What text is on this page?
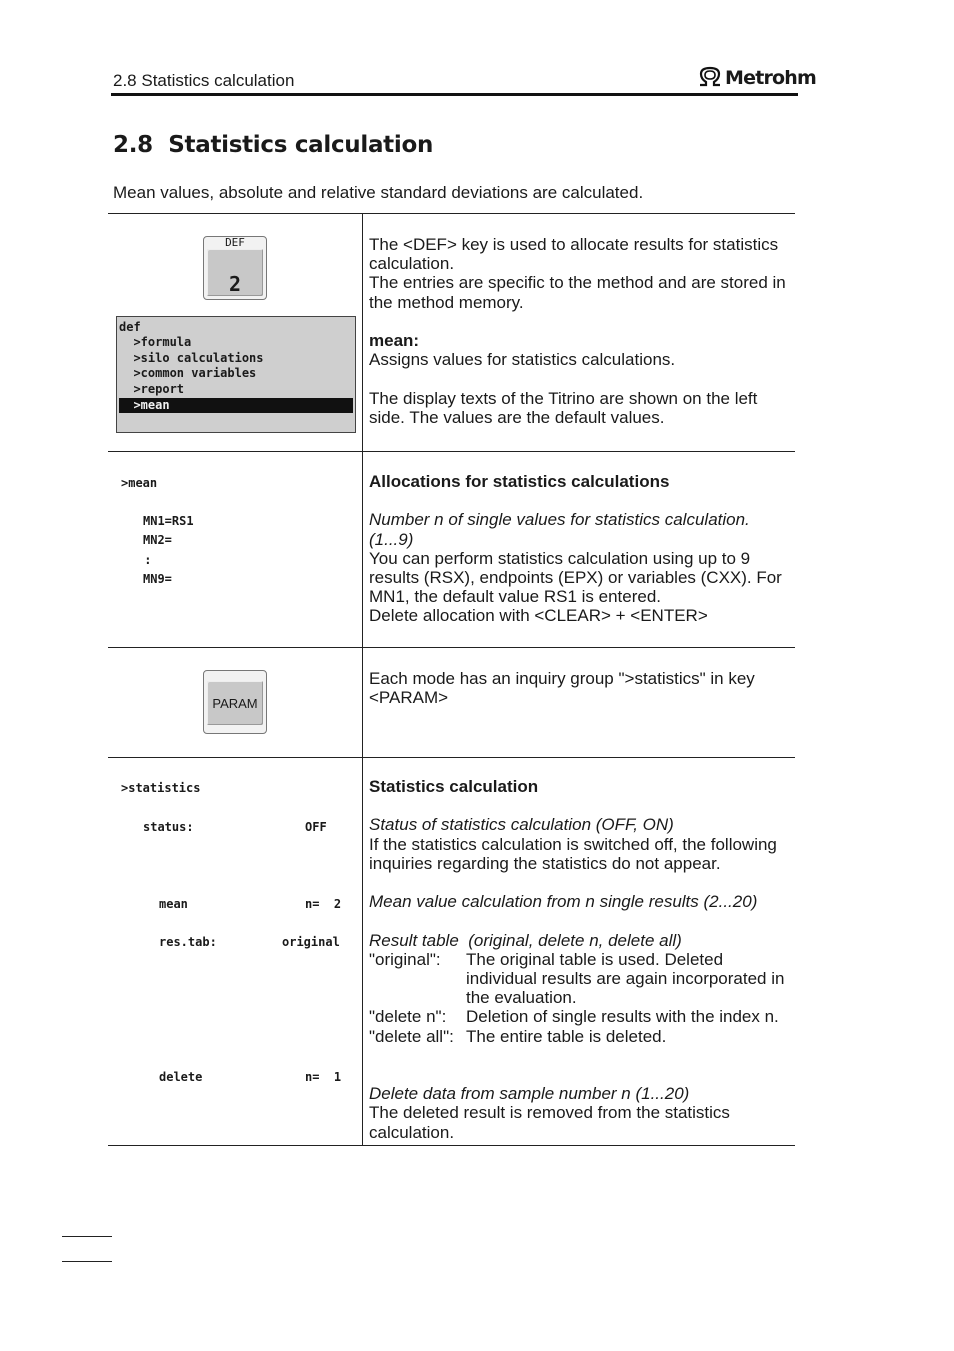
2.8 Statistics calculation	Metrohm
2.8  Statistics calculation

Mean values, absolute and relative standard deviations are calculated.

DEF
2
def
>formula
>silo calculations
>common variables
>report
>mean

The <DEF> key is used to allocate results for statistics calculation.

The entries are specific to the method and are stored in the method memory.

mean:

Assigns values for statistics calculations.

The display texts of the Titrino are shown on the left side. The values are the default values.

>mean
MN1=RS1
MN2=
:
MN9=

Allocations for statistics calculations

Number n of single values for statistics calculation. (1...9)

You can perform statistics calculation using up to 9 results (RSX), endpoints (EPX) or variables (CXX). For MN1, the default value RS1 is entered.

Delete allocation with <CLEAR> + <ENTER>

PARAM

Each mode has an inquiry group ">statistics" in key <PARAM>

>statistics
status:	OFF
mean	n=  2
res.tab:	original
delete	n=  1

Statistics calculation

Status of statistics calculation (OFF, ON)

If the statistics calculation is switched off, the following inquiries regarding the statistics do not appear.

Mean value calculation from n single results (2...20)

Result table (original, delete n, delete all)

"original":	The original table is used. Deleted individual results are again incorporated in the evaluation.
"delete n":	Deletion of single results with the index n.
"delete all": The entire table is deleted.

Delete data from sample number n (1...20)

The deleted result is removed from the statistics calculation.
